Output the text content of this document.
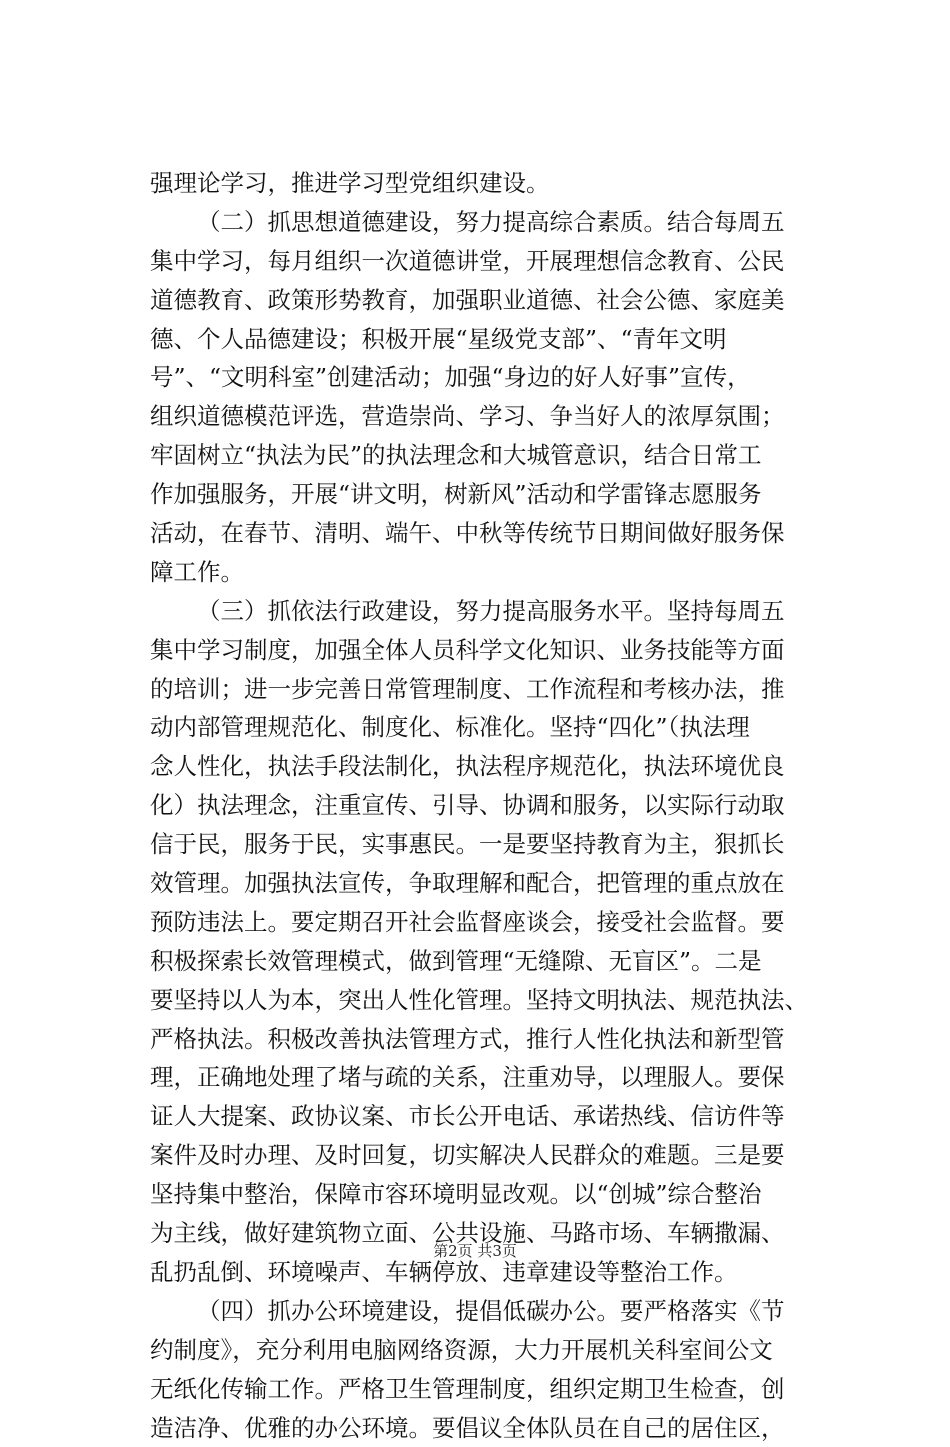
强理论学习，推进学习型党组织建设。
（二）抓思想道德建设，努力提高综合素质。结合每周五
集中学习，每月组织一次道德讲堂，开展理想信念教育、公民
道德教育、政策形势教育，加强职业道德、社会公德、家庭美
德、个人品德建设；积极开展“星级党支部”、“青年文明
号”、“文明科室”创建活动；加强“身边的好人好事”宣传，
组织道德模范评选，营造崇尚、学习、争当好人的浓厚氛围；
牢固树立“执法为民”的执法理念和大城管意识，结合日常工
作加强服务，开展“讲文明，树新风”活动和学雷锋志愿服务
活动，在春节、清明、端午、中秋等传统节日期间做好服务保
障工作。
（三）抓依法行政建设，努力提高服务水平。坚持每周五
集中学习制度，加强全体人员科学文化知识、业务技能等方面
的培训；进一步完善日常管理制度、工作流程和考核办法，推
动内部管理规范化、制度化、标准化。坚持“四化”（执法理
念人性化，执法手段法制化，执法程序规范化，执法环境优良
化）执法理念，注重宣传、引导、协调和服务，以实际行动取
信于民，服务于民，实事惠民。一是要坚持教育为主，狠抓长
效管理。加强执法宣传，争取理解和配合，把管理的重点放在
预防违法上。要定期召开社会监督座谈会，接受社会监督。要
积极探索长效管理模式，做到管理“无缝隙、无盲区”。二是
要坚持以人为本，突出人性化管理。坚持文明执法、规范执法、
严格执法。积极改善执法管理方式，推行人性化执法和新型管
理，正确地处理了堵与疏的关系，注重劝导，以理服人。要保
证人大提案、政协议案、市长公开电话、承诺热线、信访件等
案件及时办理、及时回复，切实解决人民群众的难题。三是要
坚持集中整治，保障市容环境明显改观。以“创城”综合整治
为主线，做好建筑物立面、公共设施、马路市场、车辆撒漏、
乱扔乱倒、环境噪声、车辆停放、违章建设等整治工作。
（四）抓办公环境建设，提倡低碳办公。要严格落实《节
约制度》，充分利用电脑网络资源，大力开展机关科室间公文
无纸化传输工作。严格卫生管理制度，组织定期卫生检查，创
造洁净、优雅的办公环境。要倡议全体队员在自己的居住区，
第2页 共3页
